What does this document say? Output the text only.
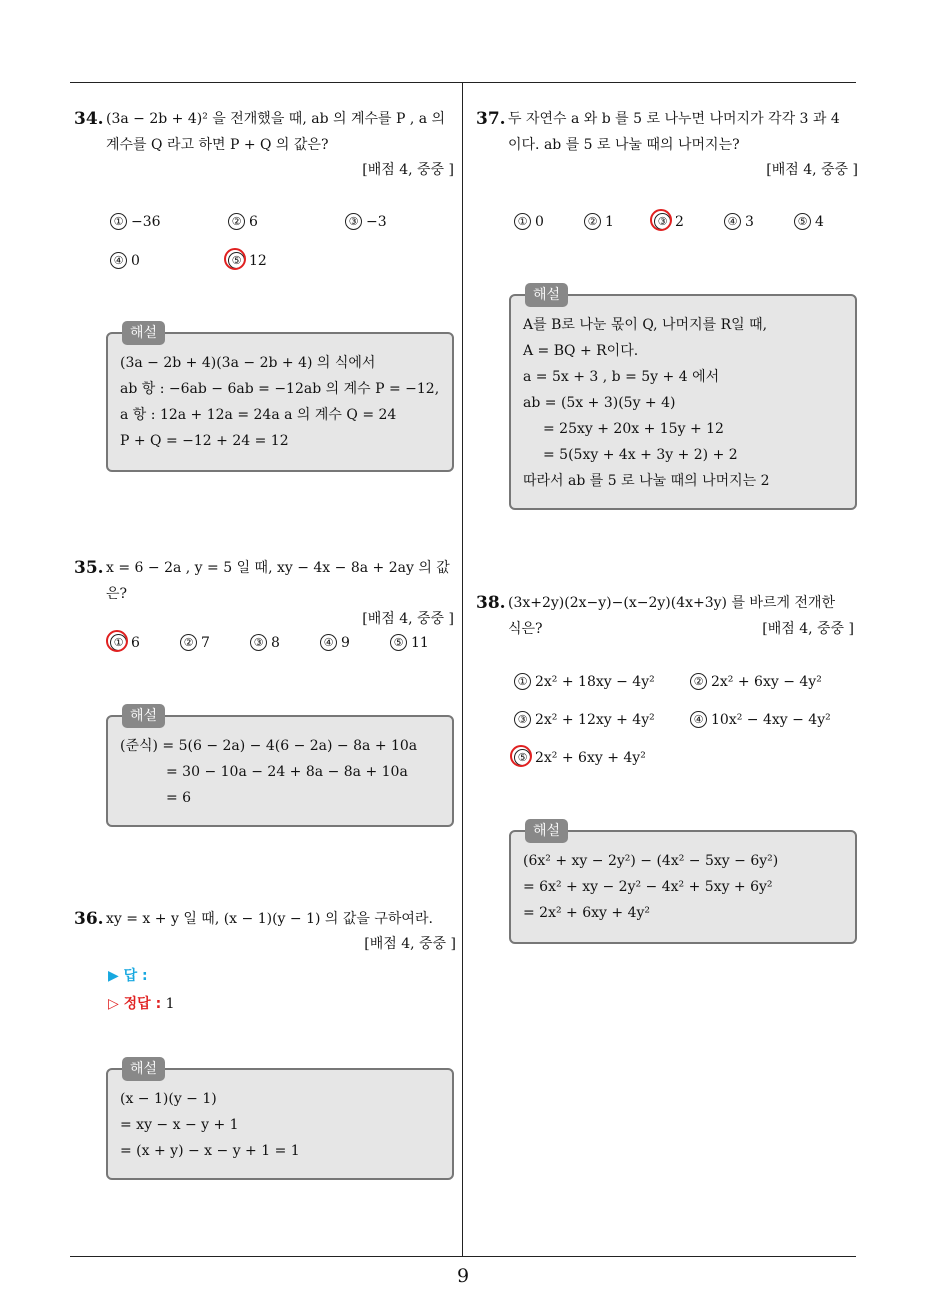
9
34. (3a − 2b + 4)² 을 전개했을 때, ab 의 계수를 P , a 의
계수를 Q 라고 하면 P + Q 의 값은?
[배점 4, 중중 ]
① −36	② 6	③ −3
④ 0	⑤ 12
해설
(3a − 2b + 4)(3a − 2b + 4) 의 식에서
ab 항 : −6ab − 6ab = −12ab 의 계수 P = −12,
a 항 : 12a + 12a = 24a a 의 계수 Q = 24
P + Q = −12 + 24 = 12
35. x = 6 − 2a , y = 5 일 때, xy − 4x − 8a + 2ay 의 값은?
[배점 4, 중중 ]
① 6	② 7	③ 8	④ 9	⑤ 11
해설
(준식) = 5(6 − 2a) − 4(6 − 2a) − 8a + 10a
= 30 − 10a − 24 + 8a − 8a + 10a
= 6
36. xy = x + y 일 때, (x − 1)(y − 1) 의 값을 구하여라.
[배점 4, 중중 ]
▶ 답 :
▷ 정답 : 1
해설
(x − 1)(y − 1)
= xy − x − y + 1
= (x + y) − x − y + 1 = 1
37. 두 자연수 a 와 b 를 5 로 나누면 나머지가 각각 3 과 4
이다. ab 를 5 로 나눌 때의 나머지는?
[배점 4, 중중 ]
① 0	② 1	③ 2	④ 3	⑤ 4
해설
A를 B로 나눈 몫이 Q, 나머지를 R일 때,
A = BQ + R이다.
a = 5x + 3 , b = 5y + 4 에서
ab = (5x + 3)(5y + 4)
= 25xy + 20x + 15y + 12
= 5(5xy + 4x + 3y + 2) + 2
따라서 ab 를 5 로 나눌 때의 나머지는 2
38. (3x+2y)(2x−y)−(x−2y)(4x+3y) 를 바르게 전개한
식은?	[배점 4, 중중 ]
① 2x² + 18xy − 4y²	② 2x² + 6xy − 4y²
③ 2x² + 12xy + 4y²	④ 10x² − 4xy − 4y²
⑤ 2x² + 6xy + 4y²
해설
(6x² + xy − 2y²) − (4x² − 5xy − 6y²)
= 6x² + xy − 2y² − 4x² + 5xy + 6y²
= 2x² + 6xy + 4y²
